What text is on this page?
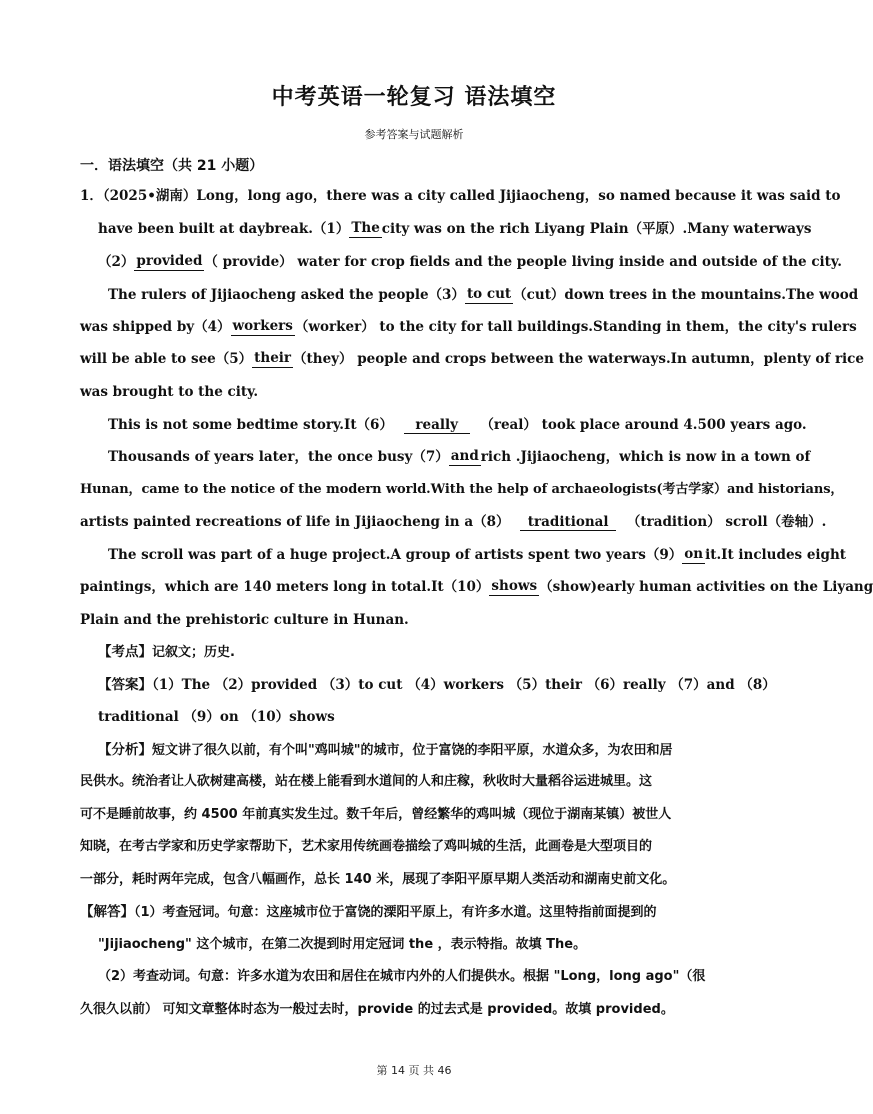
中考英语一轮复习 语法填空
参考答案与试题解析
一．语法填空（共 21 小题）
1．（2025•湖南） Long，long ago，there was a city called Jijiaocheng，so named because it was said to
have been built at daybreak.（1） The city was on the rich Liyang Plain（平原）.Many waterways
（2） provided （ provide） water for crop fields and the people living inside and outside of the city.
The rulers of Jijiaocheng asked the people（3） to cut （cut）down trees in the mountains.The wood
was shipped by（4） workers （worker） to the city for tall buildings.Standing in them，the city's rulers
will be able to see（5） their （they） people and crops between the waterways.In autumn，plenty of rice
was brought to the city.
This is not some bedtime story.It（6） really （real） took place around 4.500 years ago.
Thousands of years later，the once busy（7） and rich .Jijiaocheng，which is now in a town of
Hunan，came to the notice of the modern world.With the help of archaeologists(考古学家）and historians，
artists painted recreations of life in Jijiaocheng in a（8） traditional （tradition） scroll（卷轴）.
The scroll was part of a huge project.A group of artists spent two years（9） on it.It includes eight
paintings，which are 140 meters long in total.It（10） shows （show)early human activities on the Liyang
Plain and the prehistoric culture in Hunan.
【考点】记叙文；历史.
【答案】（1）The （2）provided （3）to cut （4）workers （5）their （6）really （7）and （8）
traditional （9）on （10）shows
【分析】短文讲了很久以前，有个叫"鸡叫城"的城市，位于富饶的李阳平原，水道众多，为农田和居
民供水。统治者让人砍树建高楼，站在楼上能看到水道间的人和庄稼，秋收时大量稻谷运进城里。这
可不是睡前故事，约 4500 年前真实发生过。数千年后，曾经繁华的鸡叫城（现位于湖南某镇）被世人
知晓，在考古学家和历史学家帮助下，艺术家用传统画卷描绘了鸡叫城的生活，此画卷是大型项目的
一部分，耗时两年完成，包含八幅画作，总长 140 米，展现了李阳平原早期人类活动和湖南史前文化。
【解答】（1）考查冠词。句意：这座城市位于富饶的溧阳平原上，有许多水道。这里特指前面提到的
"Jijiaocheng" 这个城市，在第二次提到时用定冠词 the ，表示特指。故填 The。
（2）考查动词。句意：许多水道为农田和居住在城市内外的人们提供水。根据 "Long，long ago"（很
久很久以前） 可知文章整体时态为一般过去时，provide 的过去式是 provided。故填 provided。
第 14 页 共 46
